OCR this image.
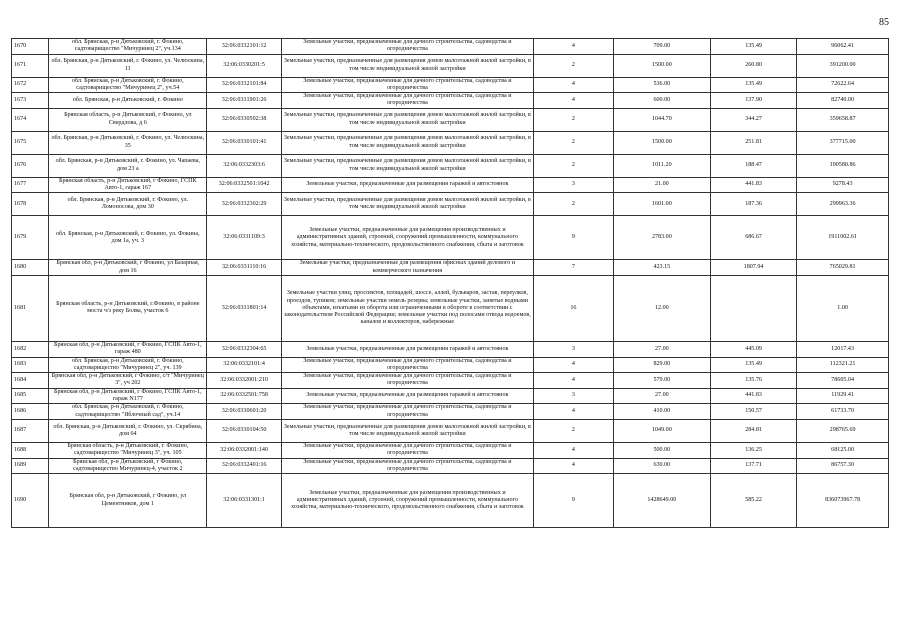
85
1670	обл. Брянская, р-н Дятьковский, г. Фокино, садтоварищество "Мичуринец 2", уч.134	32:06:0332101:12	Земельные участки, предназначенные для дачного строительства, садоводства и огородничества	4	709.00	135.49	96062.41
1671	обл. Брянская, р-н Дятьковский, г. Фокино, ул. Челюскина, 11	32:06:0330201:5	Земельные участки, предназначенные для размещения домов малоэтажной жилой застройки, в том числе индивидуальной жилой застройки	2	1500.00	260.80	391200.00
1672	обл. Брянская, р-н Дятьковский, г. Фокино, садтоварищество "Мичуринец 2", уч.54	32:06:0332101:84	Земельные участки, предназначенные для дачного строительства, садоводства и огородничества	4	536.00	135.49	72622.64
1673	обл. Брянская, р-н Дятьковский, г. Фокино	32:06:0331901:26	Земельные участки, предназначенные для дачного строительства, садоводства и огородничества	4	600.00	137.90	82740.00
1674	Брянская область, р-н Дятьковский, г Фокино, ул Свердлова, д 6	32:06:0330502:38	Земельные участки, предназначенные для размещения домов малоэтажной жилой застройки, в том числе индивидуальной жилой застройки	2	1044.70	344.27	359658.87
1675	обл. Брянская, р-н Дятьковский, г. Фокино, ул. Челюскина, 35	32:06:0330101:41	Земельные участки, предназначенные для размещения домов малоэтажной жилой застройки, в том числе индивидуальной жилой застройки	2	1500.00	251.81	377715.00
1676	обл. Брянская, р-н Дятьковский, г. Фокино, ул. Чапаева, дом 23 а	32:06:0332303:6	Земельные участки, предназначенные для размещения домов малоэтажной жилой застройки, в том числе индивидуальной жилой застройки	2	1011.20	188.47	190580.86
1677	Брянская область, р-н Дятьковский, г Фокино, ГСПК Авто-1, гараж 167	32:06:0332501:1042	Земельные участки, предназначенные для размещения гаражей и автостоянок	3	21.00	441.83	9278.43
1678	обл. Брянская, р-н Дятьковский, г. Фокино, ул. Ломоносова, дом 30	32:06:0332302:29	Земельные участки, предназначенные для размещения домов малоэтажной жилой застройки, в том числе индивидуальной жилой застройки	2	1601.00	187.36	299963.36
1679	обл. Брянская, р-н Дятьковский, г. Фокино, ул. Фокина, дом 1а, уч. 3	32:06:0331109:3	Земельные участки, предназначенные для размещения производственных и административных зданий, строений, сооружений промышленности, коммунального хозяйства, материально-технического, продовольственного снабжения, сбыта и заготовок	9	2783.00	686.67	1911002.61
1680	Брянская обл, р-н Дятьковский, г Фокино, ул Базарная, дом 16	32:06:0331110:16	Земельные участки, предназначенные для размещения офисных зданий делового и коммерческого назначения	7	423.15	1807.94	765029.81
1681	Брянская область, р-н Дятьковский, г.Фокино, в районе моста ч/з реку Болва, участок 6	32:06:0331801:14	Земельные участки улиц, проспектов, площадей, шоссе, аллей, бульваров, застав, переулков, проездов, тупиков; земельные участки земель резерва; земельные участки, занятые водными объектами, изъятыми из оборота или ограниченными в обороте в соответствии с законодательством Российской Федерации; земельные участки под полосами отвода водоемов, каналов и коллекторов, набережные	16	12.00		1.00
1682	Брянская обл, р-н Дятьковский, г Фокино, ГСПК Авто-1, гараж 480	32:06:0332304:65	Земельные участки, предназначенные для размещения гаражей и автостоянок	3	27.00	445.09	12017.43
1683	обл. Брянская, р-н Дятьковский, г. Фокино, садтоварищество "Мичуринец 2", уч. 139	32:06:0332101:4	Земельные участки, предназначенные для дачного строительства, садоводства и огородничества	4	829.00	135.49	112321.21
1684	Брянская обл, р-н Дятьковский, г Фокино, с/т "Мичуринец 3", уч 202	32:06:0332001:210	Земельные участки, предназначенные для дачного строительства, садоводства и огородничества	4	579.00	135.76	78605.04
1685	Брянская обл, р-н Дятьковский, г Фокино, ГСПК Авто-1, гараж N177	32:06:0332501:758	Земельные участки, предназначенные для размещения гаражей и автостоянок	3	27.00	441.83	11929.41
1686	обл. Брянская, р-н Дятьковский, г. Фокино, садтоварищество "Яблочный сад", уч.14	32:06:0330601:20	Земельные участки, предназначенные для дачного строительства, садоводства и огородничества	4	410.00	150.57	61733.70
1687	обл. Брянская, р-н Дятьковский, г. Фокино, ул. Скрябина, дом 64	32:06:0330104:50	Земельные участки, предназначенные для размещения домов малоэтажной жилой застройки, в том числе индивидуальной жилой застройки	2	1049.00	284.81	298765.69
1688	Брянская область, р-н Дятьковский, г. Фокино, садтоварищество "Мичуринец 3", уч. 105	32:06:0332001:140	Земельные участки, предназначенные для дачного строительства, садоводства и огородничества	4	500.00	136.25	68125.00
1689	Брянская обл, р-н Дятьковский, г Фокино, садтоварищество Мичуринец-4, участок 2	32:06:0332401:16	Земельные участки, предназначенные для дачного строительства, садоводства и огородничества	4	630.00	137.71	86757.30
1690	Брянская обл, р-н Дятьковский, г Фокино, ул Цементников, дом 1	32:06:0331301:1	Земельные участки, предназначенные для размещения производственных и административных зданий, строений, сооружений промышленности, коммунального хозяйства, материально-технического, продовольственного снабжения, сбыта и заготовок	9	1428649.00	585.22	836073967.78
